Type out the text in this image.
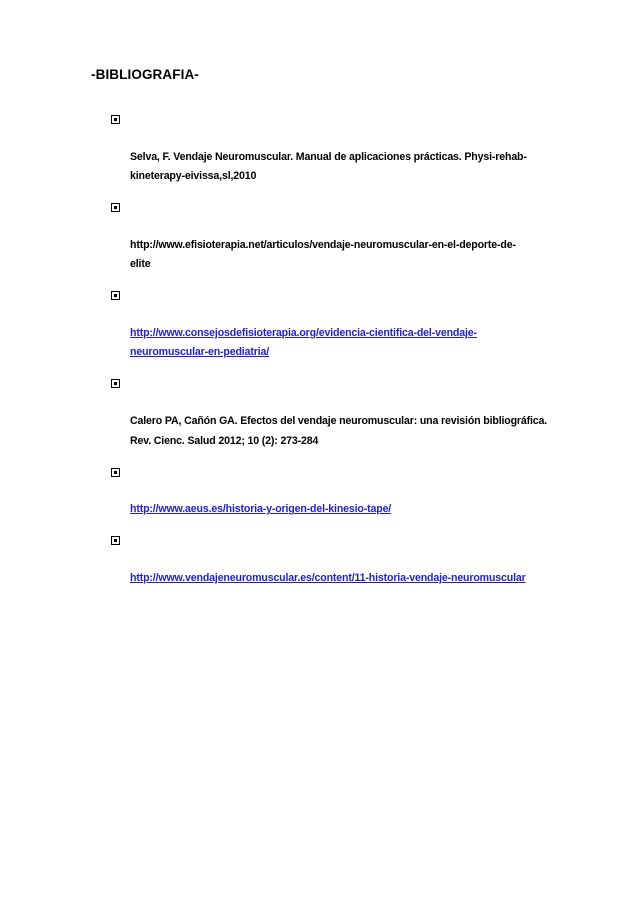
-BIBLIOGRAFIA-

Selva, F. Vendaje Neuromuscular. Manual de aplicaciones prácticas. Physi-rehab-
kineterapy-eivissa,sl,2010

http://www.efisioterapia.net/articulos/vendaje-neuromuscular-en-el-deporte-de-
elite

http://www.consejosdefisioterapia.org/evidencia-cientifica-del-vendaje-
neuromuscular-en-pediatria/

Calero PA, Cañón GA. Efectos del vendaje neuromuscular: una revisión bibliográfica.
Rev. Cienc. Salud 2012; 10 (2): 273-284

http://www.aeus.es/historia-y-origen-del-kinesio-tape/

http://www.vendajeneuromuscular.es/content/11-historia-vendaje-neuromuscular
